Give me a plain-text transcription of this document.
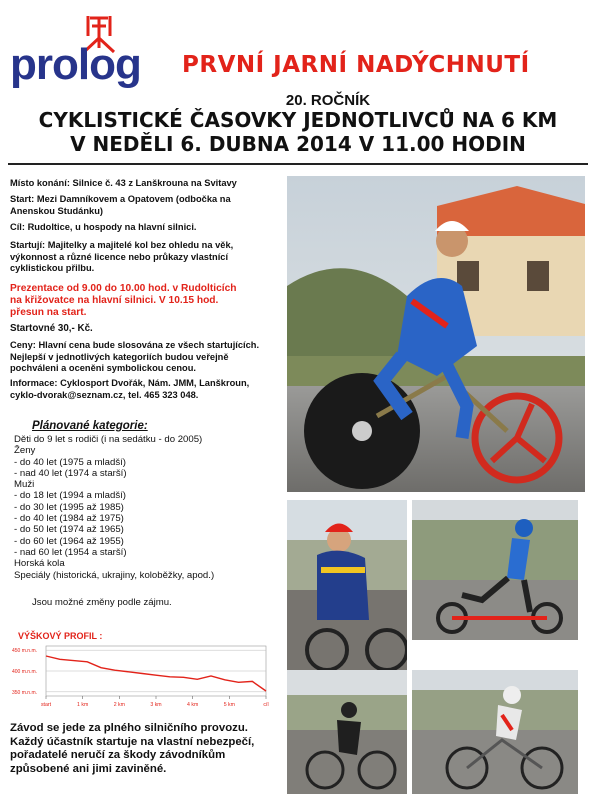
prolog PRVNÍ JARNÍ NADÝCHNUTÍ
20. ROČNÍK
CYKLISTICKÉ ČASOVKY JEDNOTLIVCŮ NA 6 KM
V NEDĚLI 6. DUBNA 2014 V 11.00 HODIN
Místo konání: Silnice č. 43 z Lanškrouna na Svitavy
Start: Mezi Damníkovem a Opatovem (odbočka na
Anenskou Studánku)
Cíl: Rudoltice, u hospody na hlavní silnici.
Startují: Majitelky a majitelé kol bez ohledu na věk,
výkonnost a různé licence nebo průkazy vlastnící
cyklistickou přilbu.
Prezentace od 9.00 do 10.00 hod. v Rudolticích
na křižovatce na hlavní silnici. V 10.15 hod.
přesun na start.
Startovné 30,- Kč.
Ceny: Hlavní cena bude slosována ze všech startujících.
Nejlepší v jednotlivých kategoriích budou veřejně
pochváleni a oceněni symbolickou cenou.
Informace: Cyklosport Dvořák, Nám. JMM, Lanškroun,
cyklo-dvorak@seznam.cz, tel. 465 323 048.
Plánované kategorie:
Děti do 9 let s rodiči (i na sedátku - do 2005)
Ženy
- do 40 let (1975 a mladší)
- nad 40 let (1974 a starší)
Muži
- do 18 let (1994 a mladší)
- do 30 let (1995 až 1985)
- do 40 let (1984 až 1975)
- do 50 let (1974 až 1965)
- do 60 let (1964 až 1955)
- nad 60 let (1954 a starší)
Horská kola
Speciály (historická, ukrajiny, koloběžky, apod.)
Jsou možné změny podle zájmu.
VÝŠKOVÝ PROFIL :
450 m.n.m.
400 m.n.m.
350 m.n.m.
start	1 km	2 km	3 km	4 km	5 km	cíl
Závod se jede za plného silničního provozu.
Každý účastník startuje na vlastní nebezpečí,
pořadatelé neručí za škody závodníkům
způsobené ani jimi zaviněné.
